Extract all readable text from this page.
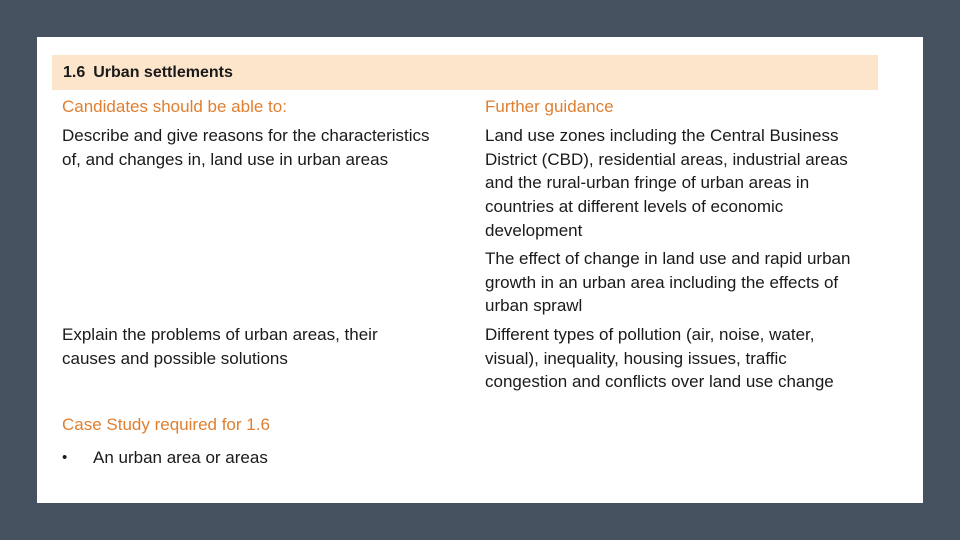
1.6 Urban settlements

Candidates should be able to:	Further guidance

Describe and give reasons for the characteristics of, and changes in, land use in urban areas

Land use zones including the Central Business District (CBD), residential areas, industrial areas and the rural-urban fringe of urban areas in countries at different levels of economic development

The effect of change in land use and rapid urban growth in an urban area including the effects of urban sprawl

Explain the problems of urban areas, their causes and possible solutions

Different types of pollution (air, noise, water, visual), inequality, housing issues, traffic congestion and conflicts over land use change

Case Study required for 1.6

•	An urban area or areas
